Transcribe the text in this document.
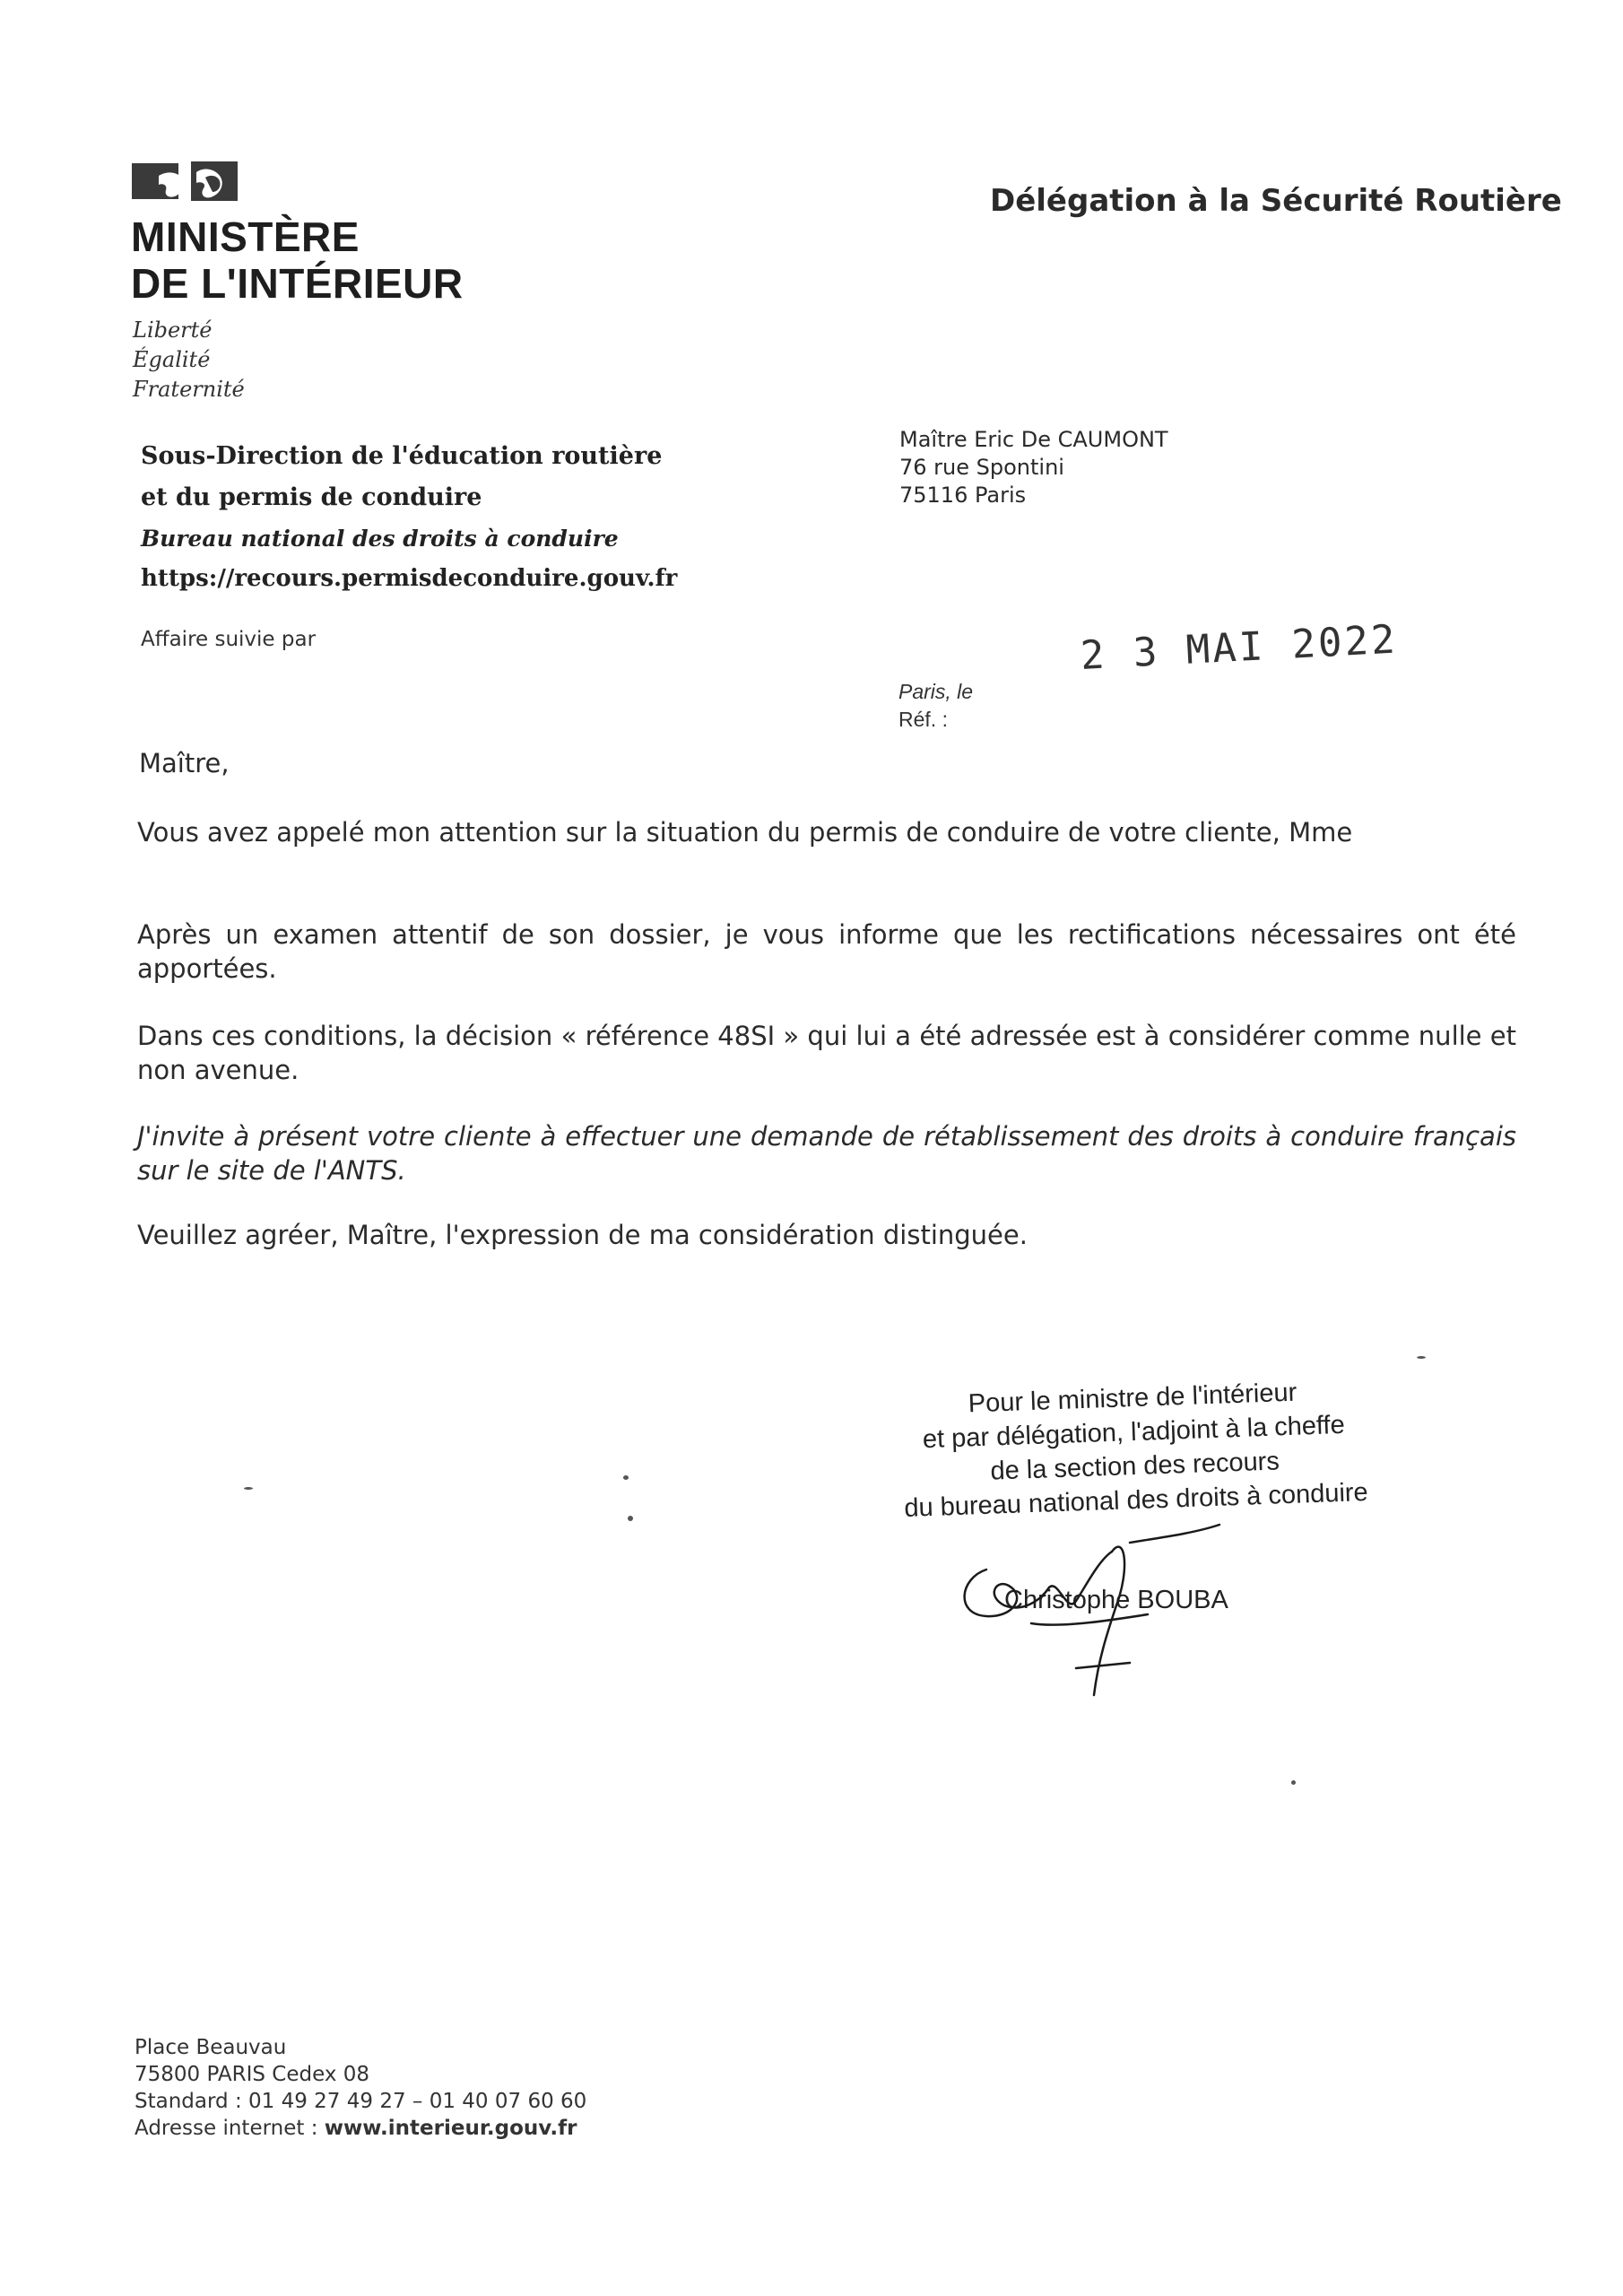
MINISTÈRE
DE L'INTÉRIEUR
Liberté
Égalité
Fraternité
Délégation à la Sécurité Routière
Sous-Direction de l'éducation routière
et du permis de conduire
Bureau national des droits à conduire
https://recours.permisdeconduire.gouv.fr
Affaire suivie par
Maître Eric De CAUMONT
76 rue Spontini
75116 Paris
2 3 MAI 2022
Paris, le
Réf. :
Maître,
Vous avez appelé mon attention sur la situation du permis de conduire de votre cliente, Mme
Après un examen attentif de son dossier, je vous informe que les rectifications nécessaires ont été apportées.
Dans ces conditions, la décision « référence 48SI » qui lui a été adressée est à considérer comme nulle et non avenue.
J'invite à présent votre cliente à effectuer une demande de rétablissement des droits à conduire français sur le site de l'ANTS.
Veuillez agréer, Maître, l'expression de ma considération distinguée.
Pour le ministre de l'intérieur
et par délégation, l'adjoint à la cheffe
de la section des recours
du bureau national des droits à conduire
Christophe BOUBA
Place Beauvau
75800 PARIS Cedex 08
Standard : 01 49 27 49 27 – 01 40 07 60 60
Adresse internet : www.interieur.gouv.fr
